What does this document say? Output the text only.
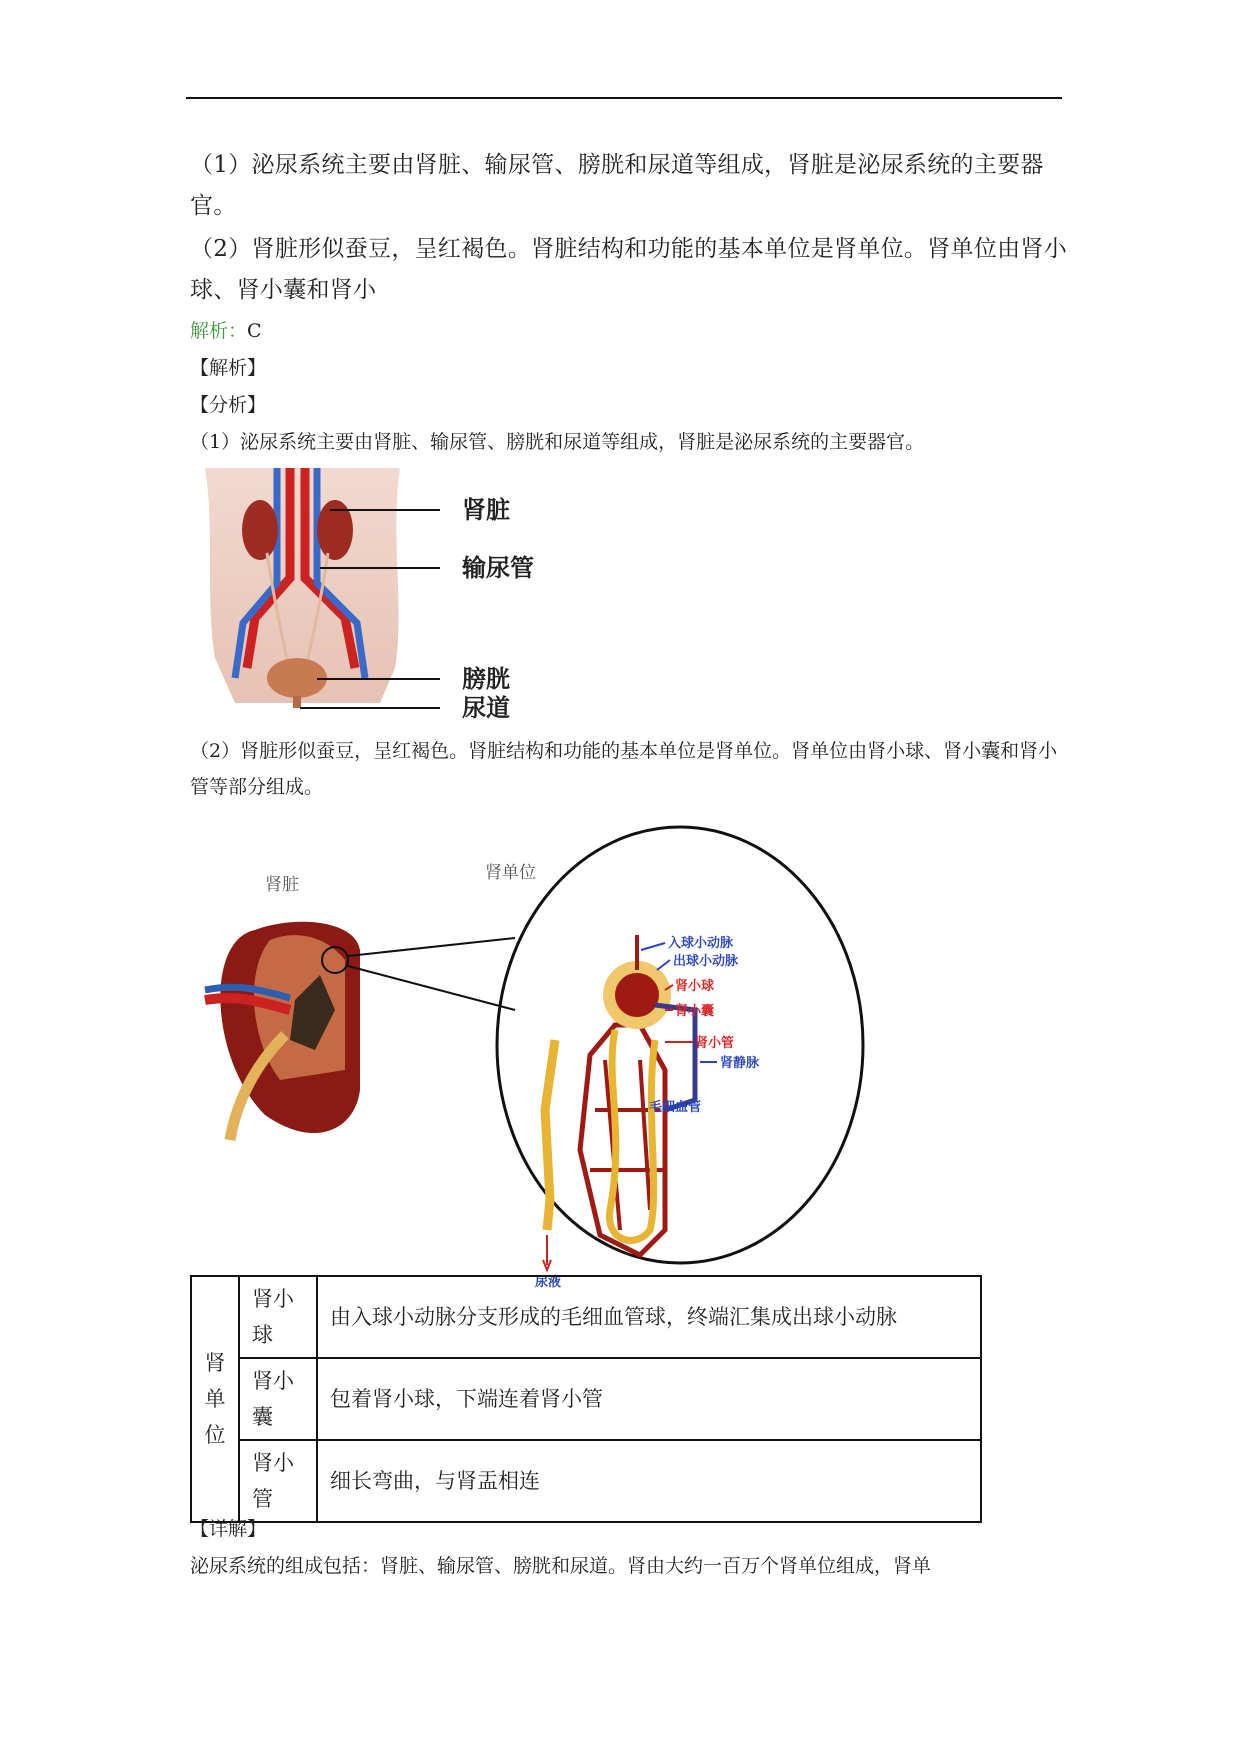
（1）泌尿系统主要由肾脏、输尿管、膀胱和尿道等组成，肾脏是泌尿系统的主要器官。

（2）肾脏形似蚕豆，呈红褐色。肾脏结构和功能的基本单位是肾单位。肾单位由肾小球、肾小囊和肾小

解析：C

【解析】

【分析】

（1）泌尿系统主要由肾脏、输尿管、膀胱和尿道等组成，肾脏是泌尿系统的主要器官。

肾脏
输尿管
膀胱
尿道

（2）肾脏形似蚕豆，呈红褐色。肾脏结构和功能的基本单位是肾单位。肾单位由肾小球、肾小囊和肾小管等部分组成。

肾脏
肾单位
入球小动脉
出球小动脉
肾小球
肾小囊
肾小管
毛细血管
肾静脉
尿液
肾单位	肾小球	由入球小动脉分支形成的毛细血管球，终端汇集成出球小动脉
	肾小囊	包着肾小球，下端连着肾小管
	肾小管	细长弯曲，与肾盂相连

【详解】

泌尿系统的组成包括：肾脏、输尿管、膀胱和尿道。肾由大约一百万个肾单位组成，肾单
